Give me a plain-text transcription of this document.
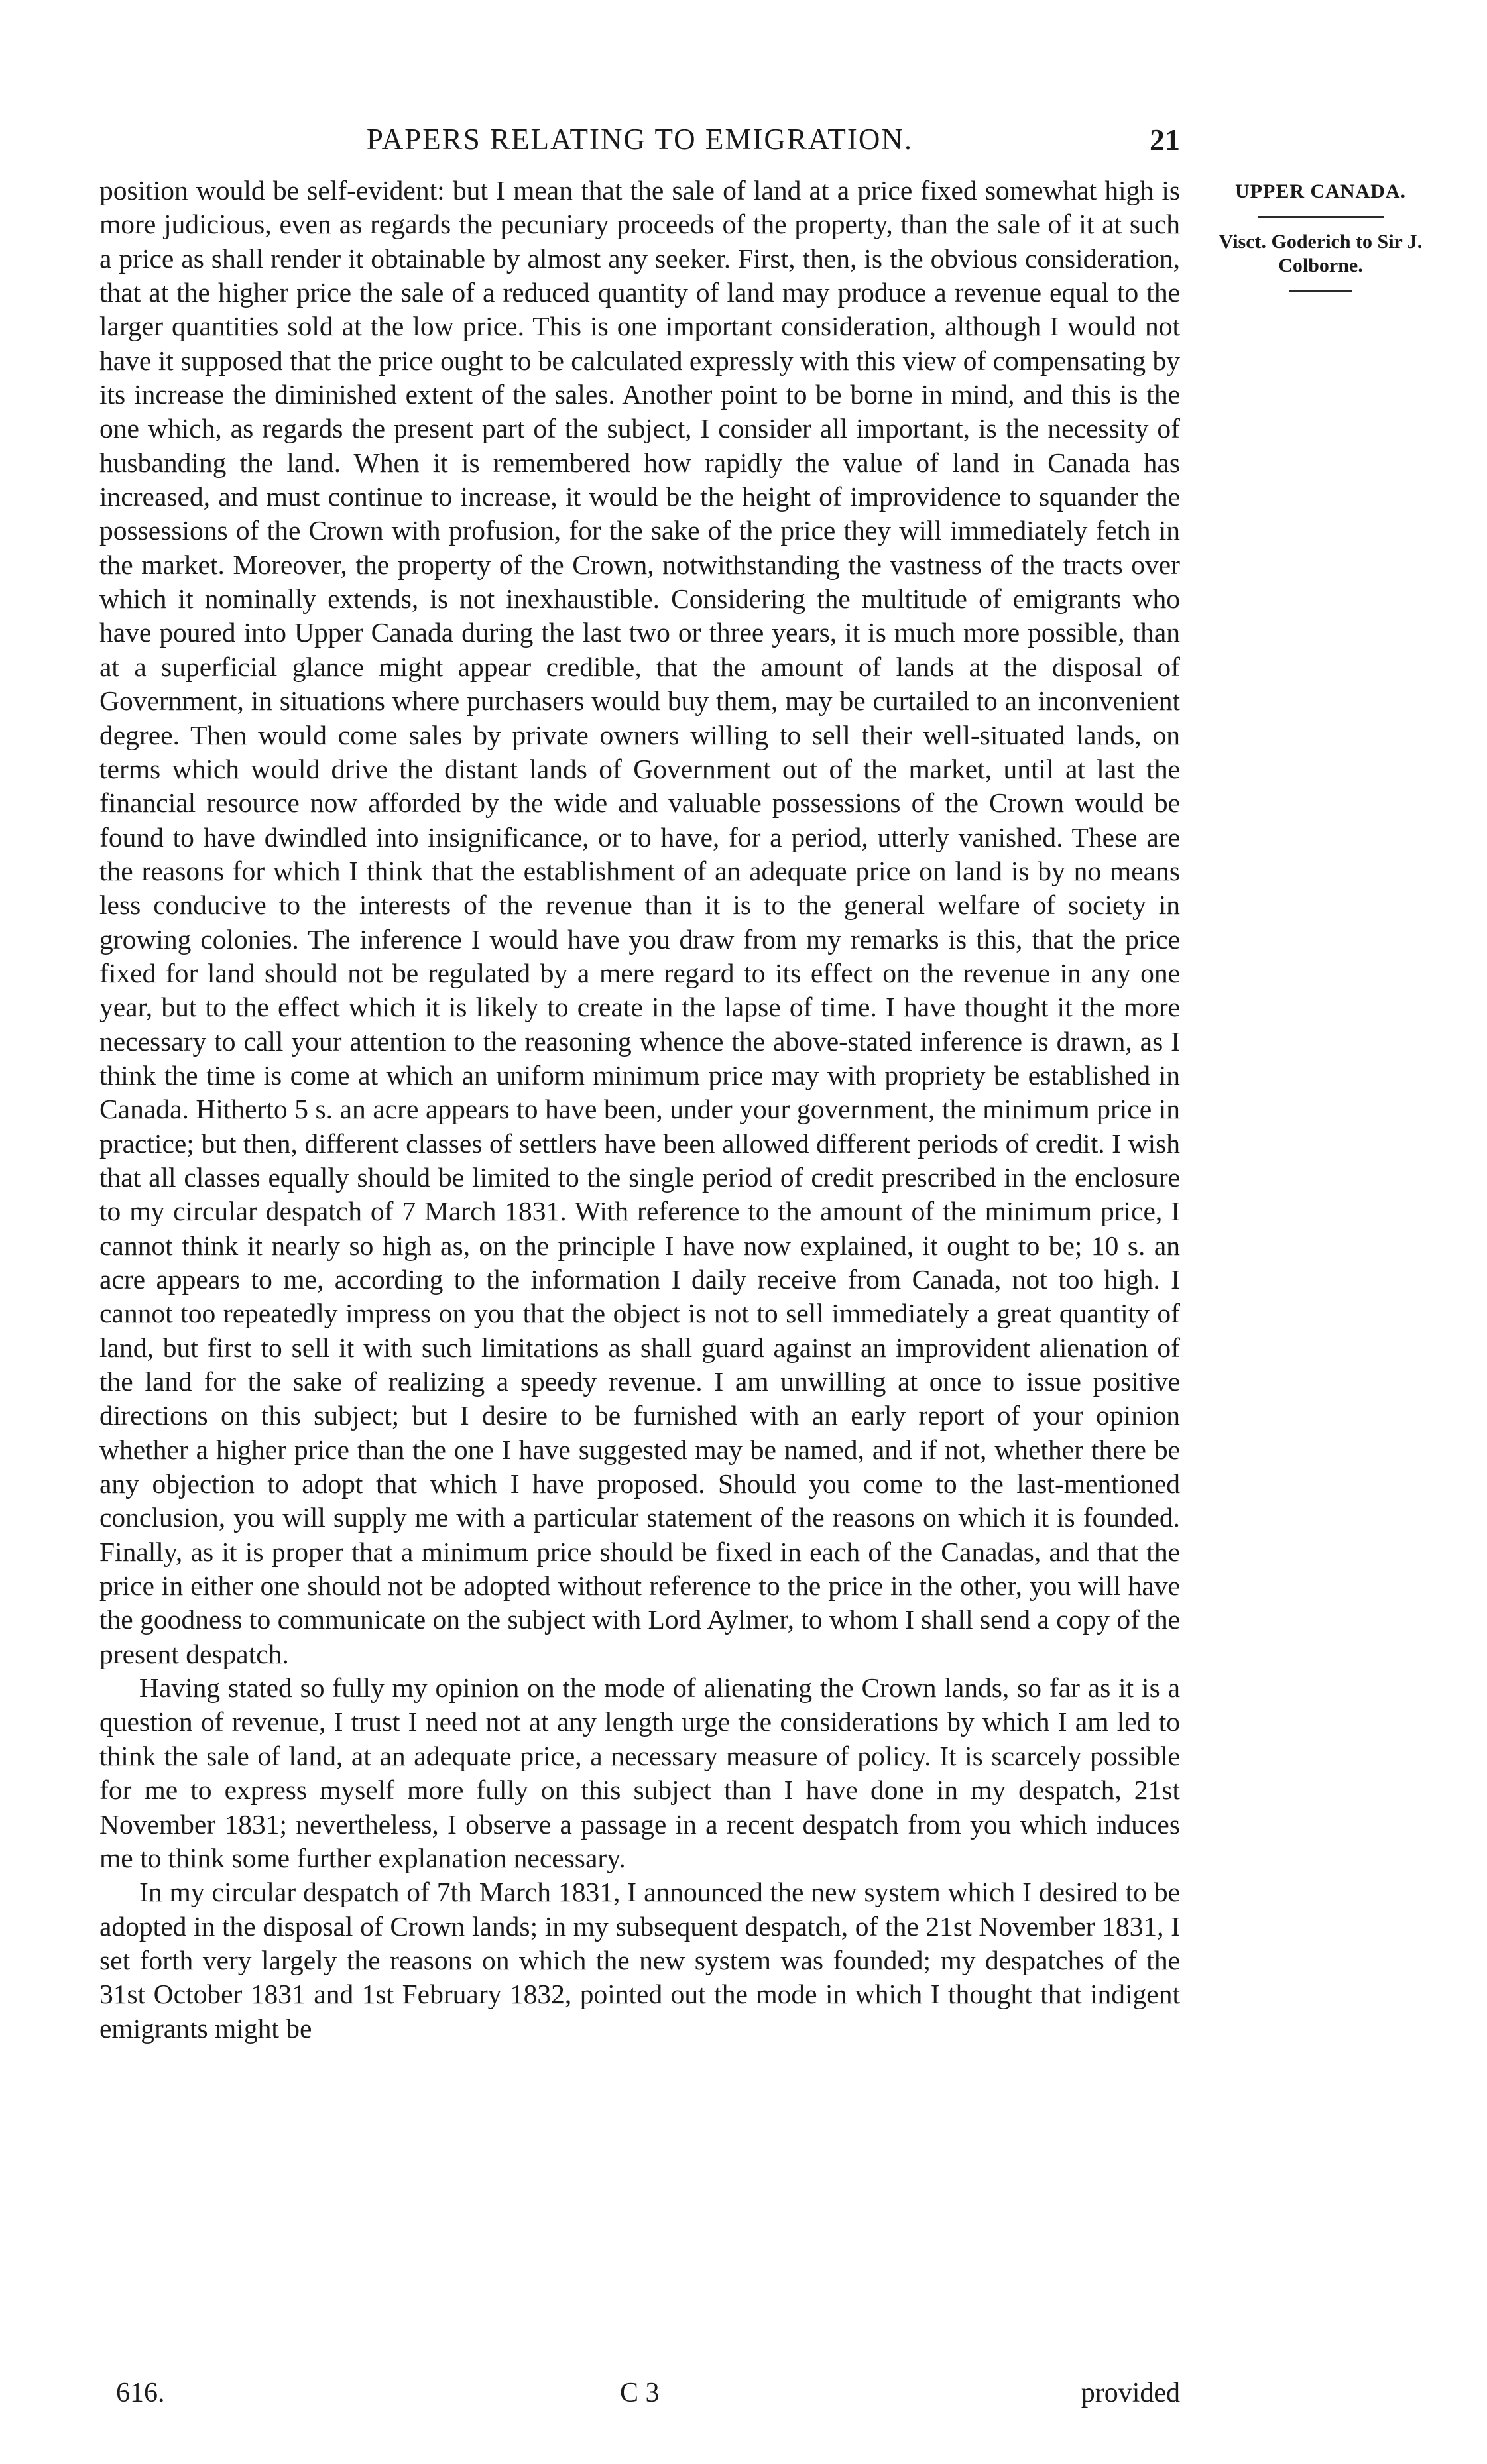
PAPERS RELATING TO EMIGRATION.	21
UPPER CANADA.
Visct. Goderich to Sir J. Colborne.

position would be self-evident: but I mean that the sale of land at a price fixed somewhat high is more judicious, even as regards the pecuniary proceeds of the property, than the sale of it at such a price as shall render it obtainable by almost any seeker. First, then, is the obvious consideration, that at the higher price the sale of a reduced quantity of land may produce a revenue equal to the larger quantities sold at the low price. This is one important consideration, although I would not have it supposed that the price ought to be calculated expressly with this view of compensating by its increase the diminished extent of the sales. Another point to be borne in mind, and this is the one which, as regards the present part of the subject, I consider all important, is the necessity of husbanding the land. When it is remembered how rapidly the value of land in Canada has increased, and must continue to increase, it would be the height of improvidence to squander the possessions of the Crown with profusion, for the sake of the price they will immediately fetch in the market. Moreover, the property of the Crown, notwithstanding the vastness of the tracts over which it nominally extends, is not inexhaustible. Considering the multitude of emigrants who have poured into Upper Canada during the last two or three years, it is much more possible, than at a superficial glance might appear credible, that the amount of lands at the disposal of Government, in situations where purchasers would buy them, may be curtailed to an inconvenient degree. Then would come sales by private owners willing to sell their well-situated lands, on terms which would drive the distant lands of Government out of the market, until at last the financial resource now afforded by the wide and valuable possessions of the Crown would be found to have dwindled into insignificance, or to have, for a period, utterly vanished. These are the reasons for which I think that the establishment of an adequate price on land is by no means less conducive to the interests of the revenue than it is to the general welfare of society in growing colonies. The inference I would have you draw from my remarks is this, that the price fixed for land should not be regulated by a mere regard to its effect on the revenue in any one year, but to the effect which it is likely to create in the lapse of time. I have thought it the more necessary to call your attention to the reasoning whence the above-stated inference is drawn, as I think the time is come at which an uniform minimum price may with propriety be established in Canada. Hitherto 5 s. an acre appears to have been, under your government, the minimum price in practice; but then, different classes of settlers have been allowed different periods of credit. I wish that all classes equally should be limited to the single period of credit prescribed in the enclosure to my circular despatch of 7 March 1831. With reference to the amount of the minimum price, I cannot think it nearly so high as, on the principle I have now explained, it ought to be; 10 s. an acre appears to me, according to the information I daily receive from Canada, not too high. I cannot too repeatedly impress on you that the object is not to sell immediately a great quantity of land, but first to sell it with such limitations as shall guard against an improvident alienation of the land for the sake of realizing a speedy revenue. I am unwilling at once to issue positive directions on this subject; but I desire to be furnished with an early report of your opinion whether a higher price than the one I have suggested may be named, and if not, whether there be any objection to adopt that which I have proposed. Should you come to the last-mentioned conclusion, you will supply me with a particular statement of the reasons on which it is founded. Finally, as it is proper that a minimum price should be fixed in each of the Canadas, and that the price in either one should not be adopted without reference to the price in the other, you will have the goodness to communicate on the subject with Lord Aylmer, to whom I shall send a copy of the present despatch.

Having stated so fully my opinion on the mode of alienating the Crown lands, so far as it is a question of revenue, I trust I need not at any length urge the considerations by which I am led to think the sale of land, at an adequate price, a necessary measure of policy. It is scarcely possible for me to express myself more fully on this subject than I have done in my despatch, 21st November 1831; nevertheless, I observe a passage in a recent despatch from you which induces me to think some further explanation necessary.

In my circular despatch of 7th March 1831, I announced the new system which I desired to be adopted in the disposal of Crown lands; in my subsequent despatch, of the 21st November 1831, I set forth very largely the reasons on which the new system was founded; my despatches of the 31st October 1831 and 1st February 1832, pointed out the mode in which I thought that indigent emigrants might be

616.	C 3	provided
